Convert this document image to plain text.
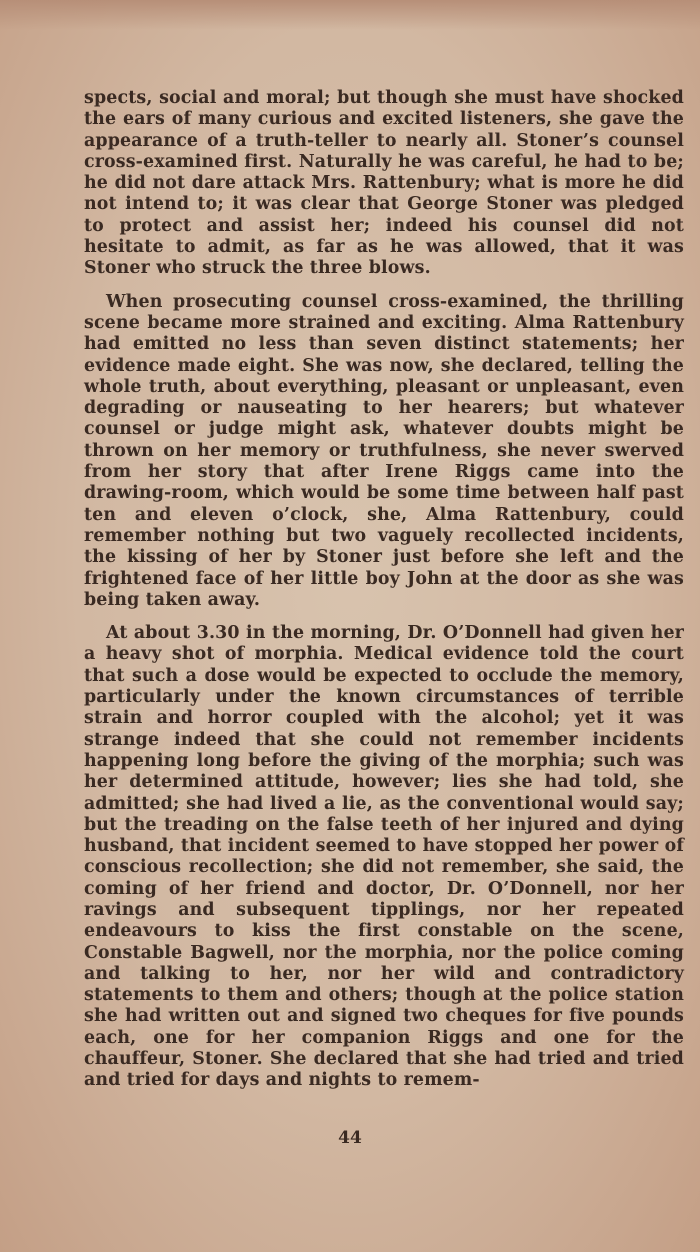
spects, social and moral; but though she must have shocked the ears of many curious and excited listeners, she gave the appearance of a truth-teller to nearly all. Stoner’s counsel cross-examined first. Naturally he was careful, he had to be; he did not dare attack Mrs. Rattenbury; what is more he did not intend to; it was clear that George Stoner was pledged to protect and assist her; indeed his counsel did not hesitate to admit, as far as he was allowed, that it was Stoner who struck the three blows.

When prosecuting counsel cross-examined, the thrilling scene became more strained and exciting. Alma Rattenbury had emitted no less than seven distinct statements; her evidence made eight. She was now, she declared, telling the whole truth, about everything, pleasant or unpleasant, even degrading or nauseating to her hearers; but whatever counsel or judge might ask, whatever doubts might be thrown on her memory or truthfulness, she never swerved from her story that after Irene Riggs came into the drawing-room, which would be some time between half past ten and eleven o’clock, she, Alma Rattenbury, could remember nothing but two vaguely recollected incidents, the kissing of her by Stoner just before she left and the frightened face of her little boy John at the door as she was being taken away.

At about 3.30 in the morning, Dr. O’Donnell had given her a heavy shot of morphia. Medical evidence told the court that such a dose would be expected to occlude the memory, particularly under the known circumstances of terrible strain and horror coupled with the alcohol; yet it was strange indeed that she could not remember incidents happening long before the giving of the morphia; such was her determined attitude, however; lies she had told, she admitted; she had lived a lie, as the conventional would say; but the treading on the false teeth of her injured and dying husband, that incident seemed to have stopped her power of conscious recollection; she did not remember, she said, the coming of her friend and doctor, Dr. O’Donnell, nor her ravings and subsequent tipplings, nor her repeated endeavours to kiss the first constable on the scene, Constable Bagwell, nor the morphia, nor the police coming and talking to her, nor her wild and contradictory statements to them and others; though at the police station she had written out and signed two cheques for five pounds each, one for her companion Riggs and one for the chauffeur, Stoner. She declared that she had tried and tried and tried for days and nights to remem-

44
